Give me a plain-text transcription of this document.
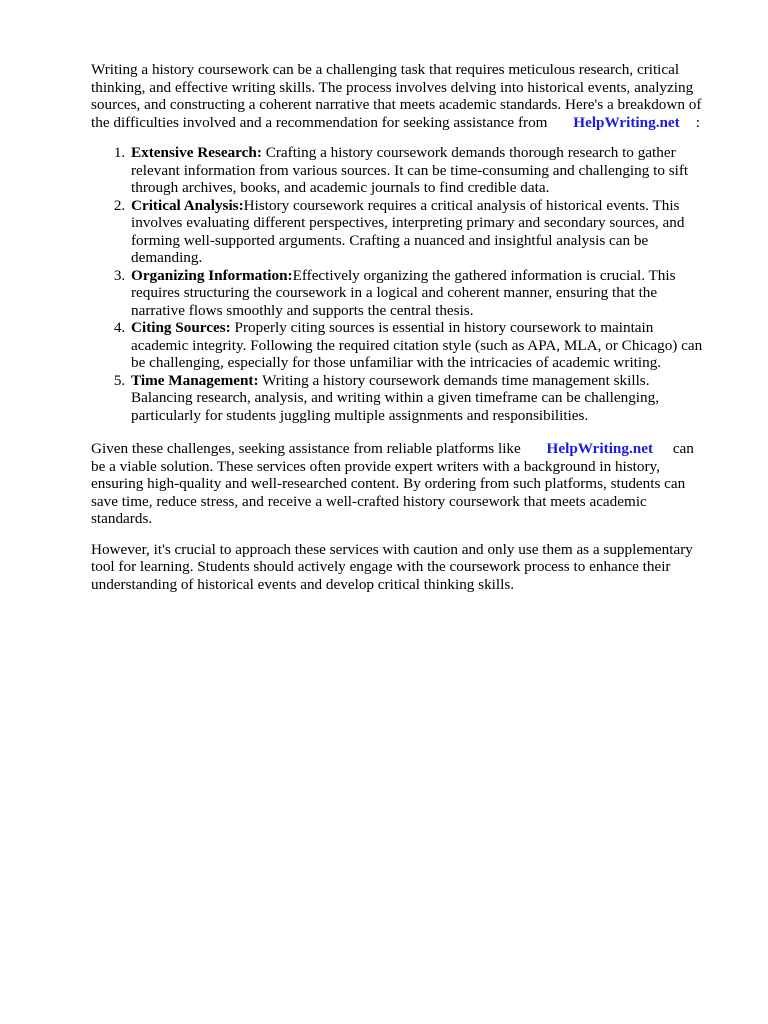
Writing a history coursework can be a challenging task that requires meticulous research, critical thinking, and effective writing skills. The process involves delving into historical events, analyzing sources, and constructing a coherent narrative that meets academic standards. Here's a breakdown of the difficulties involved and a recommendation for seeking assistance from HelpWriting.net :

1. Extensive Research: Crafting a history coursework demands thorough research to gather relevant information from various sources. It can be time-consuming and challenging to sift through archives, books, and academic journals to find credible data.
2. Critical Analysis:History coursework requires a critical analysis of historical events. This involves evaluating different perspectives, interpreting primary and secondary sources, and forming well-supported arguments. Crafting a nuanced and insightful analysis can be demanding.
3. Organizing Information:Effectively organizing the gathered information is crucial. This requires structuring the coursework in a logical and coherent manner, ensuring that the narrative flows smoothly and supports the central thesis.
4. Citing Sources: Properly citing sources is essential in history coursework to maintain academic integrity. Following the required citation style (such as APA, MLA, or Chicago) can be challenging, especially for those unfamiliar with the intricacies of academic writing.
5. Time Management: Writing a history coursework demands time management skills. Balancing research, analysis, and writing within a given timeframe can be challenging, particularly for students juggling multiple assignments and responsibilities.

Given these challenges, seeking assistance from reliable platforms like HelpWriting.net can be a viable solution. These services often provide expert writers with a background in history, ensuring high-quality and well-researched content. By ordering from such platforms, students can save time, reduce stress, and receive a well-crafted history coursework that meets academic standards.

However, it's crucial to approach these services with caution and only use them as a supplementary tool for learning. Students should actively engage with the coursework process to enhance their understanding of historical events and develop critical thinking skills.
